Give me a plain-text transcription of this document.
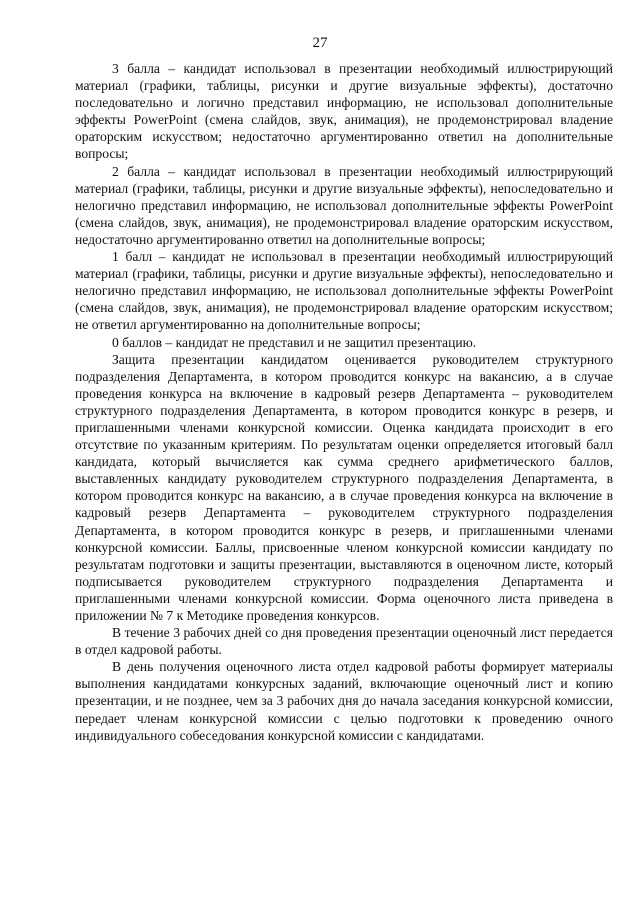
27

3 балла – кандидат использовал в презентации необходимый иллюстрирующий материал (графики, таблицы, рисунки и другие визуальные эффекты), достаточно последовательно и логично представил информацию, не использовал дополнительные эффекты PowerPoint (смена слайдов, звук, анимация), не продемонстрировал владение ораторским искусством; недостаточно аргументированно ответил на дополнительные вопросы;

2 балла – кандидат использовал в презентации необходимый иллюстрирующий материал (графики, таблицы, рисунки и другие визуальные эффекты), непоследовательно и нелогично представил информацию, не использовал дополнительные эффекты PowerPoint (смена слайдов, звук, анимация), не продемонстрировал владение ораторским искусством, недостаточно аргументированно ответил на дополнительные вопросы;

1 балл – кандидат не использовал в презентации необходимый иллюстрирующий материал (графики, таблицы, рисунки и другие визуальные эффекты), непоследовательно и нелогично представил информацию, не использовал дополнительные эффекты PowerPoint (смена слайдов, звук, анимация), не продемонстрировал владение ораторским искусством; не ответил аргументированно на дополнительные вопросы;

0 баллов – кандидат не представил и не защитил презентацию.

Защита презентации кандидатом оценивается руководителем структурного подразделения Департамента, в котором проводится конкурс на вакансию, а в случае проведения конкурса на включение в кадровый резерв Департамента – руководителем структурного подразделения Департамента, в котором проводится конкурс в резерв, и приглашенными членами конкурсной комиссии. Оценка кандидата происходит в его отсутствие по указанным критериям. По результатам оценки определяется итоговый балл кандидата, который вычисляется как сумма среднего арифметического баллов, выставленных кандидату руководителем структурного подразделения Департамента, в котором проводится конкурс на вакансию, а в случае проведения конкурса на включение в кадровый резерв Департамента – руководителем структурного подразделения Департамента, в котором проводится конкурс в резерв, и приглашенными членами конкурсной комиссии. Баллы, присвоенные членом конкурсной комиссии кандидату по результатам подготовки и защиты презентации, выставляются в оценочном листе, который подписывается руководителем структурного подразделения Департамента и приглашенными членами конкурсной комиссии. Форма оценочного листа приведена в приложении № 7 к Методике проведения конкурсов.

В течение 3 рабочих дней со дня проведения презентации оценочный лист передается в отдел кадровой работы.

В день получения оценочного листа отдел кадровой работы формирует материалы выполнения кандидатами конкурсных заданий, включающие оценочный лист и копию презентации, и не позднее, чем за 3 рабочих дня до начала заседания конкурсной комиссии, передает членам конкурсной комиссии с целью подготовки к проведению очного индивидуального собеседования конкурсной комиссии с кандидатами.
